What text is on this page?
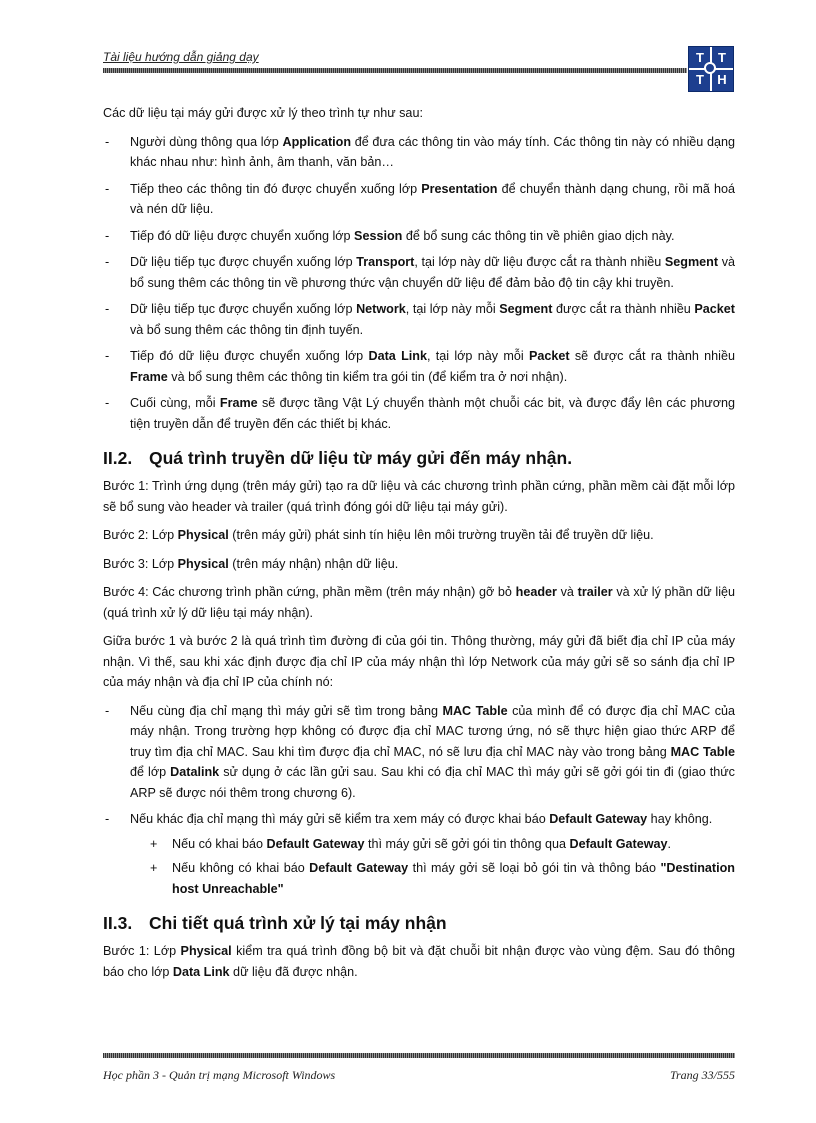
Tài liệu hướng dẫn giảng dạy	T	T
T	H

Các dữ liệu tại máy gửi được xử lý theo trình tự như sau:

- Người dùng thông qua lớp Application để đưa các thông tin vào máy tính. Các thông tin này có nhiều dạng khác nhau như: hình ảnh, âm thanh, văn bản…
- Tiếp theo các thông tin đó được chuyển xuống lớp Presentation để chuyển thành dạng chung, rồi mã hoá và nén dữ liệu.
- Tiếp đó dữ liệu được chuyển xuống lớp Session để bổ sung các thông tin về phiên giao dịch này.
- Dữ liệu tiếp tục được chuyển xuống lớp Transport, tại lớp này dữ liệu được cắt ra thành nhiều Segment và bổ sung thêm các thông tin về phương thức vận chuyển dữ liệu để đảm bảo độ tin cậy khi truyền.
- Dữ liệu tiếp tục được chuyển xuống lớp Network, tại lớp này mỗi Segment được cắt ra thành nhiều Packet và bổ sung thêm các thông tin định tuyến.
- Tiếp đó dữ liệu được chuyển xuống lớp Data Link, tại lớp này mỗi Packet sẽ được cắt ra thành nhiều Frame và bổ sung thêm các thông tin kiểm tra gói tin (để kiểm tra ở nơi nhận).
- Cuối cùng, mỗi Frame sẽ được tầng Vật Lý chuyển thành một chuỗi các bit, và được đẩy lên các phương tiện truyền dẫn để truyền đến các thiết bị khác.
II.2. Quá trình truyền dữ liệu từ máy gửi đến máy nhận.

Bước 1: Trình ứng dụng (trên máy gửi) tạo ra dữ liệu và các chương trình phần cứng, phần mềm cài đặt mỗi lớp sẽ bổ sung vào header và trailer (quá trình đóng gói dữ liệu tại máy gửi).

Bước 2: Lớp Physical (trên máy gửi) phát sinh tín hiệu lên môi trường truyền tải để truyền dữ liệu.

Bước 3: Lớp Physical (trên máy nhận) nhận dữ liệu.

Bước 4: Các chương trình phần cứng, phần mềm (trên máy nhận) gỡ bỏ header và trailer và xử lý phần dữ liệu (quá trình xử lý dữ liệu tại máy nhận).

Giữa bước 1 và bước 2 là quá trình tìm đường đi của gói tin. Thông thường, máy gửi đã biết địa chỉ IP của máy nhận. Vì thế, sau khi xác định được địa chỉ IP của máy nhận thì lớp Network của máy gửi sẽ so sánh địa chỉ IP của máy nhận và địa chỉ IP của chính nó:

- Nếu cùng địa chỉ mạng thì máy gửi sẽ tìm trong bảng MAC Table của mình để có được địa chỉ MAC của máy nhận. Trong trường hợp không có được địa chỉ MAC tương ứng, nó sẽ thực hiện giao thức ARP để truy tìm địa chỉ MAC. Sau khi tìm được địa chỉ MAC, nó sẽ lưu địa chỉ MAC này vào trong bảng MAC Table để lớp Datalink sử dụng ở các lần gửi sau. Sau khi có địa chỉ MAC thì máy gửi sẽ gởi gói tin đi (giao thức ARP sẽ được nói thêm trong chương 6).
- Nếu khác địa chỉ mạng thì máy gửi sẽ kiểm tra xem máy có được khai báo Default Gateway hay không.
+ Nếu có khai báo Default Gateway thì máy gửi sẽ gởi gói tin thông qua Default Gateway.
+ Nếu không có khai báo Default Gateway thì máy gởi sẽ loại bỏ gói tin và thông báo "Destination host Unreachable"
II.3. Chi tiết quá trình xử lý tại máy nhận

Bước 1: Lớp Physical kiểm tra quá trình đồng bộ bit và đặt chuỗi bit nhận được vào vùng đệm. Sau đó thông báo cho lớp Data Link dữ liệu đã được nhận.

Học phần 3 - Quản trị mạng Microsoft Windows	Trang 33/555
